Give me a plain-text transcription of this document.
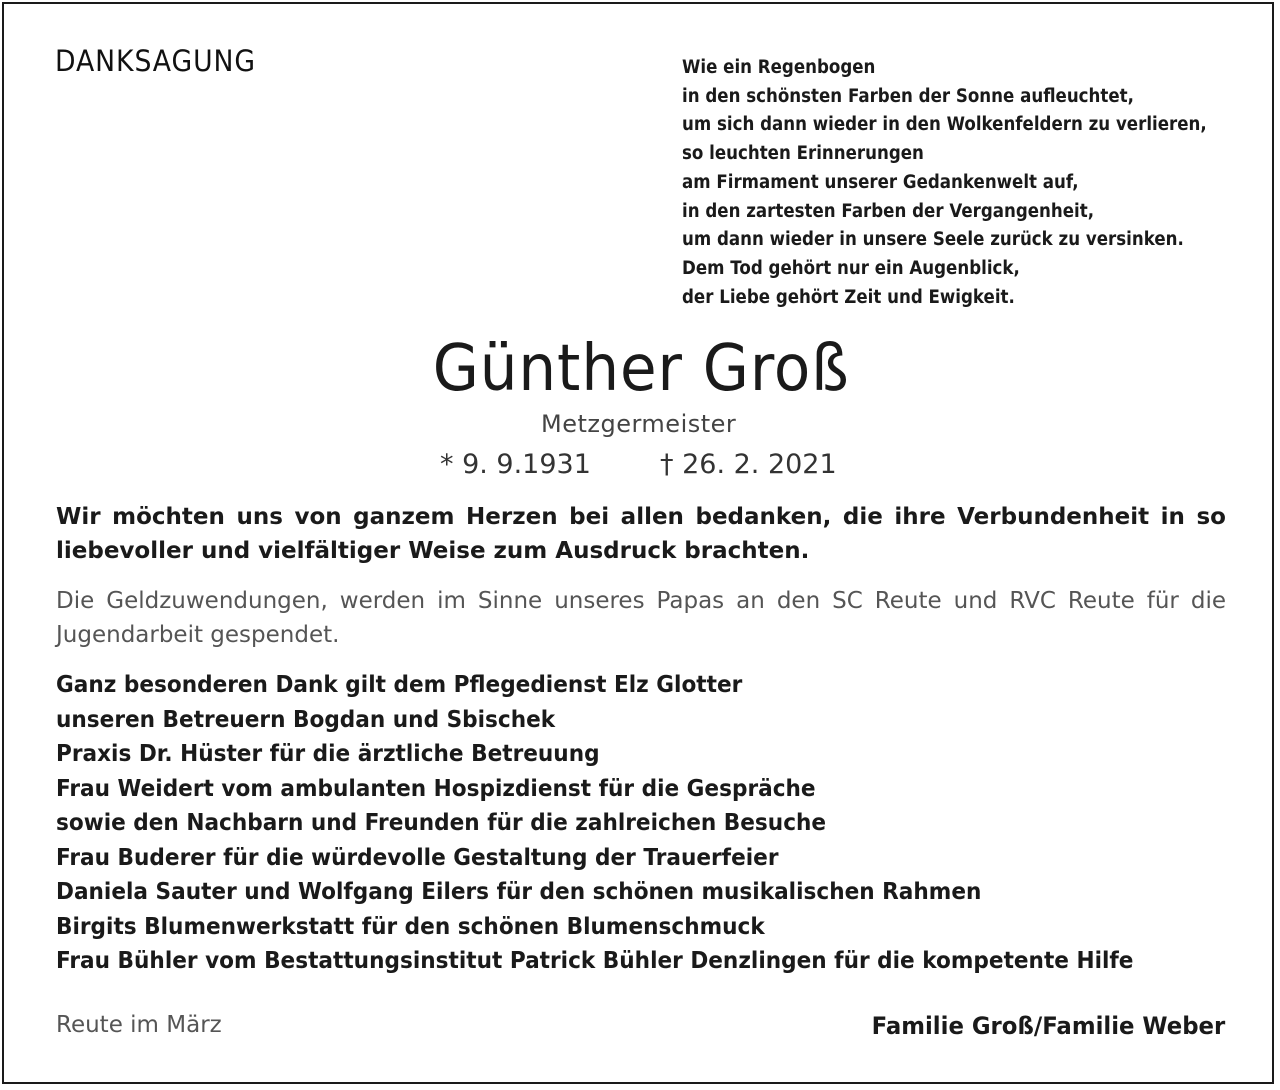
DANKSAGUNG	Wie ein Regenbogen
in den schönsten Farben der Sonne aufleuchtet,
um sich dann wieder in den Wolkenfeldern zu verlieren,
so leuchten Erinnerungen
am Firmament unserer Gedankenwelt auf,
in den zartesten Farben der Vergangenheit,
um dann wieder in unsere Seele zurück zu versinken.
Dem Tod gehört nur ein Augenblick,
der Liebe gehört Zeit und Ewigkeit.
Günther Groß
Metzgermeister
* 9. 9.1931	† 26. 2. 2021

Wir möchten uns von ganzem Herzen bei allen bedanken, die ihre Verbundenheit in so liebevoller und vielfältiger Weise zum Ausdruck brachten.

Die Geldzuwendungen, werden im Sinne unseres Papas an den SC Reute und RVC Reute für die Jugendarbeit gespendet.

Ganz besonderen Dank gilt dem Pflegedienst Elz Glotter
unseren Betreuern Bogdan und Sbischek
Praxis Dr. Hüster für die ärztliche Betreuung
Frau Weidert vom ambulanten Hospizdienst für die Gespräche
sowie den Nachbarn und Freunden für die zahlreichen Besuche
Frau Buderer für die würdevolle Gestaltung der Trauerfeier
Daniela Sauter und Wolfgang Eilers für den schönen musikalischen Rahmen
Birgits Blumenwerkstatt für den schönen Blumenschmuck
Frau Bühler vom Bestattungsinstitut Patrick Bühler Denzlingen für die kompetente Hilfe
Reute im März	Familie Groß/Familie Weber
